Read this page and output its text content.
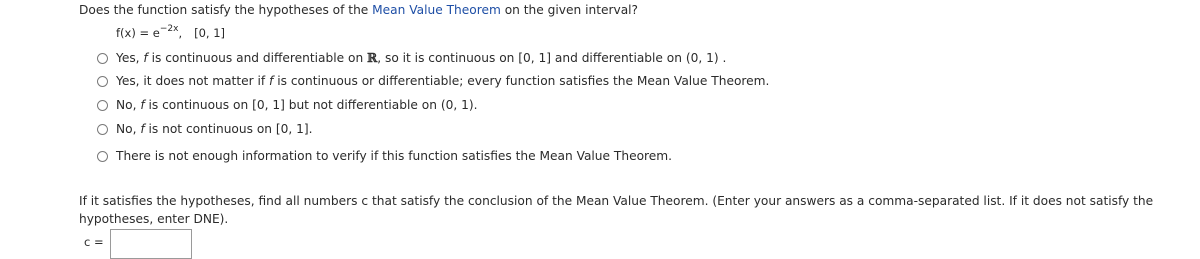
Does the function satisfy the hypotheses of the Mean Value Theorem on the given interval?
$f(x) = e^{-2x}$, [0, 1]
Yes, f is continuous and differentiable on ℝ, so it is continuous on [0, 1] and differentiable on (0, 1) .
Yes, it does not matter if f is continuous or differentiable; every function satisfies the Mean Value Theorem.
No, f is continuous on [0, 1] but not differentiable on (0, 1).
No, f is not continuous on [0, 1].
There is not enough information to verify if this function satisfies the Mean Value Theorem.
If it satisfies the hypotheses, find all numbers c that satisfy the conclusion of the Mean Value Theorem. (Enter your answers as a comma-separated list. If it does not satisfy the hypotheses, enter DNE).
c =
